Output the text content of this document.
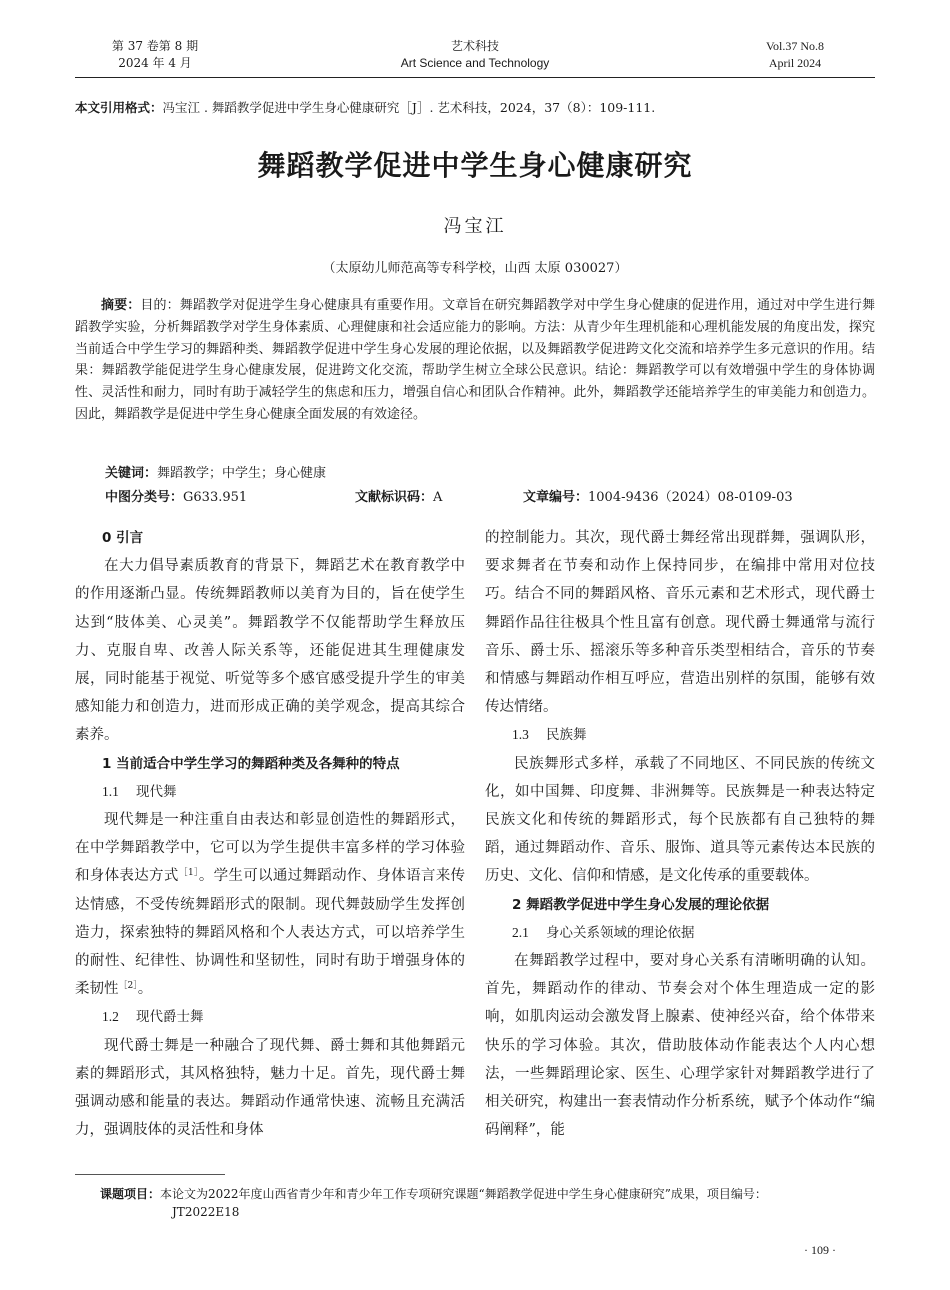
第 37 卷第 8 期
2024 年 4 月
艺术科技
Art Science and Technology
Vol.37 No.8
April 2024
本文引用格式：冯宝江 . 舞蹈教学促进中学生身心健康研究［J］. 艺术科技，2024，37（8）：109-111.
舞蹈教学促进中学生身心健康研究
冯宝江
（太原幼儿师范高等专科学校，山西 太原 030027）
摘要：目的：舞蹈教学对促进学生身心健康具有重要作用。文章旨在研究舞蹈教学对中学生身心健康的促进作用，通过对中学生进行舞蹈教学实验，分析舞蹈教学对学生身体素质、心理健康和社会适应能力的影响。方法：从青少年生理机能和心理机能发展的角度出发，探究当前适合中学生学习的舞蹈种类、舞蹈教学促进中学生身心发展的理论依据，以及舞蹈教学促进跨文化交流和培养学生多元意识的作用。结果：舞蹈教学能促进学生身心健康发展，促进跨文化交流，帮助学生树立全球公民意识。结论：舞蹈教学可以有效增强中学生的身体协调性、灵活性和耐力，同时有助于减轻学生的焦虑和压力，增强自信心和团队合作精神。此外，舞蹈教学还能培养学生的审美能力和创造力。因此，舞蹈教学是促进中学生身心健康全面发展的有效途径。
关键词：舞蹈教学；中学生；身心健康
中图分类号：G633.951	文献标识码：A	文章编号：1004-9436（2024）08-0109-03

0 引言

在大力倡导素质教育的背景下，舞蹈艺术在教育教学中的作用逐渐凸显。传统舞蹈教师以美育为目的，旨在使学生达到“肢体美、心灵美”。舞蹈教学不仅能帮助学生释放压力、克服自卑、改善人际关系等，还能促进其生理健康发展，同时能基于视觉、听觉等多个感官感受提升学生的审美感知能力和创造力，进而形成正确的美学观念，提高其综合素养。

1 当前适合中学生学习的舞蹈种类及各舞种的特点

1.1 现代舞

现代舞是一种注重自由表达和彰显创造性的舞蹈形式，在中学舞蹈教学中，它可以为学生提供丰富多样的学习体验和身体表达方式$^{[1]}$。学生可以通过舞蹈动作、身体语言来传达情感，不受传统舞蹈形式的限制。现代舞鼓励学生发挥创造力，探索独特的舞蹈风格和个人表达方式，可以培养学生的耐性、纪律性、协调性和坚韧性，同时有助于增强身体的柔韧性$^{[2]}$。

1.2 现代爵士舞

现代爵士舞是一种融合了现代舞、爵士舞和其他舞蹈元素的舞蹈形式，其风格独特，魅力十足。首先，现代爵士舞强调动感和能量的表达。舞蹈动作通常快速、流畅且充满活力，强调肢体的灵活性和身体

的控制能力。其次，现代爵士舞经常出现群舞，强调队形，要求舞者在节奏和动作上保持同步，在编排中常用对位技巧。结合不同的舞蹈风格、音乐元素和艺术形式，现代爵士舞蹈作品往往极具个性且富有创意。现代爵士舞通常与流行音乐、爵士乐、摇滚乐等多种音乐类型相结合，音乐的节奏和情感与舞蹈动作相互呼应，营造出别样的氛围，能够有效传达情绪。

1.3 民族舞

民族舞形式多样，承载了不同地区、不同民族的传统文化，如中国舞、印度舞、非洲舞等。民族舞是一种表达特定民族文化和传统的舞蹈形式，每个民族都有自己独特的舞蹈，通过舞蹈动作、音乐、服饰、道具等元素传达本民族的历史、文化、信仰和情感，是文化传承的重要载体。

2 舞蹈教学促进中学生身心发展的理论依据

2.1 身心关系领域的理论依据

在舞蹈教学过程中，要对身心关系有清晰明确的认知。首先，舞蹈动作的律动、节奏会对个体生理造成一定的影响，如肌肉运动会激发肾上腺素、使神经兴奋，给个体带来快乐的学习体验。其次，借助肢体动作能表达个人内心想法，一些舞蹈理论家、医生、心理学家针对舞蹈教学进行了相关研究，构建出一套表情动作分析系统，赋予个体动作“编码阐释”，能

课题项目：本论文为2022年度山西省青少年和青少年工作专项研究课题“舞蹈教学促进中学生身心健康研究”成果，项目编号：
JT2022E18
· 109 ·
